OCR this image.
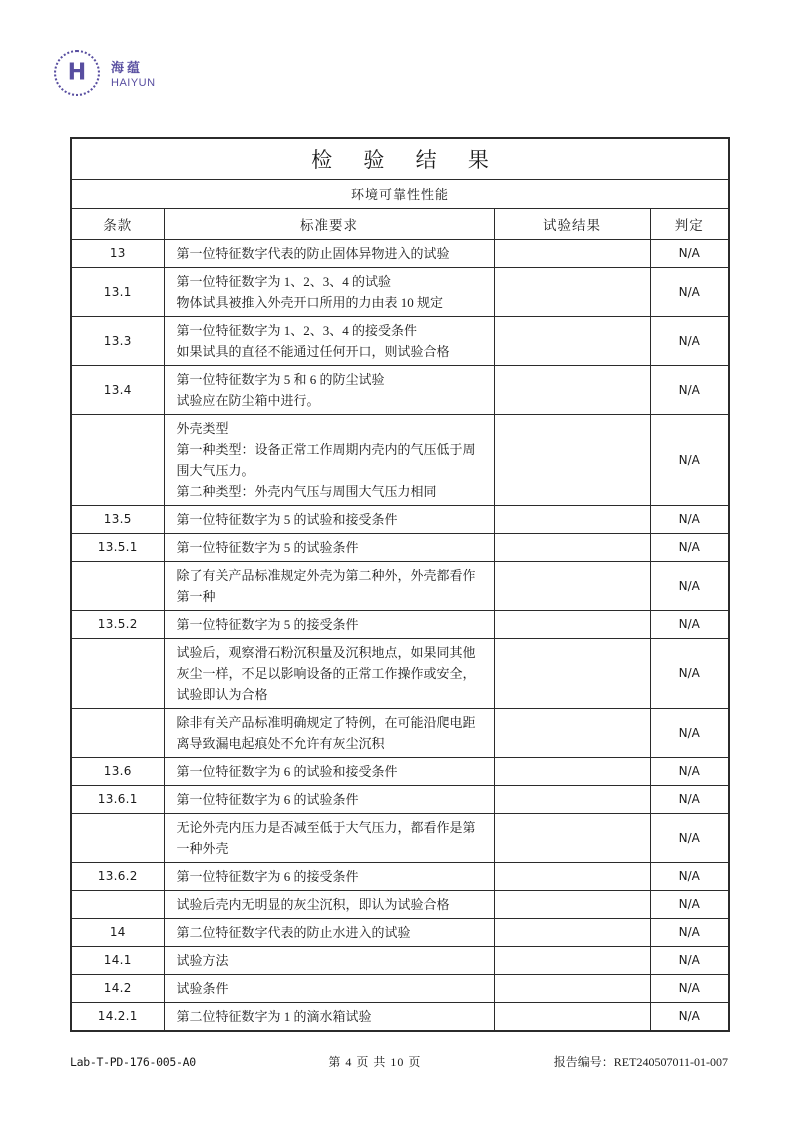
H 海蕴
HAIYUN
检 验 结 果			
环境可靠性性能			
条款	标准要求	试验结果	判定
13	第一位特征数字代表的防止固体异物进入的试验		N/A
13.1	第一位特征数字为 1、2、3、4 的试验
物体试具被推入外壳开口所用的力由表 10 规定		N/A
13.3	第一位特征数字为 1、2、3、4 的接受条件
如果试具的直径不能通过任何开口，则试验合格		N/A
13.4	第一位特征数字为 5 和 6 的防尘试验
试验应在防尘箱中进行。		N/A

	外壳类型
第一种类型：设备正常工作周期内壳内的气压低于周围大气压力。
第二种类型：外壳内气压与周围大气压力相同		N/A
13.5	第一位特征数字为 5 的试验和接受条件		N/A
13.5.1	第一位特征数字为 5 的试验条件		N/A

	除了有关产品标准规定外壳为第二种外，外壳都看作第一种		N/A
13.5.2	第一位特征数字为 5 的接受条件		N/A

	试验后，观察滑石粉沉积量及沉积地点，如果同其他灰尘一样，不足以影响设备的正常工作操作或安全，试验即认为合格		N/A

	除非有关产品标准明确规定了特例，在可能沿爬电距离导致漏电起痕处不允许有灰尘沉积		N/A
13.6	第一位特征数字为 6 的试验和接受条件		N/A
13.6.1	第一位特征数字为 6 的试验条件		N/A

	无论外壳内压力是否减至低于大气压力，都看作是第一种外壳		N/A
13.6.2	第一位特征数字为 6 的接受条件		N/A

	试验后壳内无明显的灰尘沉积，即认为试验合格		N/A
14	第二位特征数字代表的防止水进入的试验		N/A
14.1	试验方法		N/A
14.2	试验条件		N/A
14.2.1	第二位特征数字为 1 的滴水箱试验		N/A
Lab-T-PD-176-005-A0	第 4 页 共 10 页	报告编号：RET240507011-01-007
